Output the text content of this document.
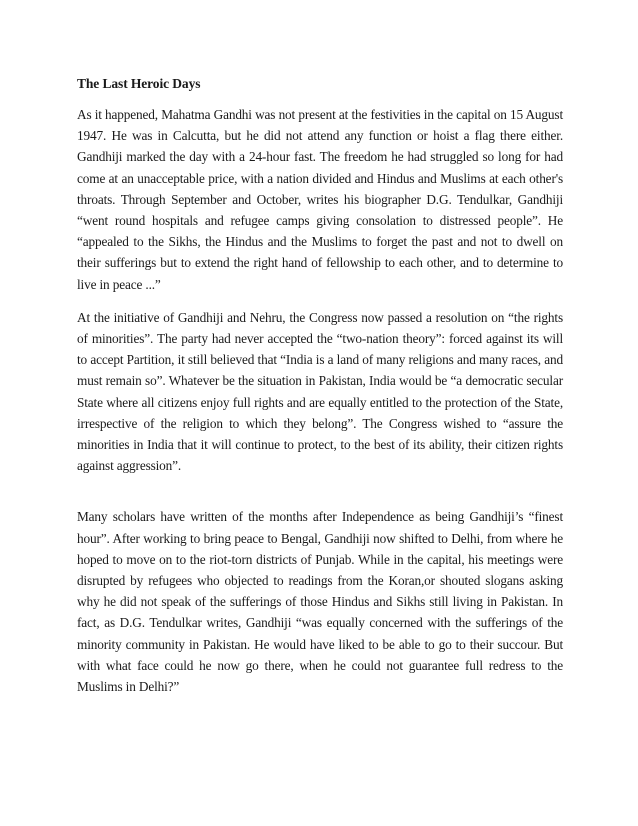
The Last Heroic Days

As it happened, Mahatma Gandhi was not present at the festivities in the capital on 15 August 1947. He was in Calcutta, but he did not attend any function or hoist a flag there either. Gandhiji marked the day with a 24-hour fast. The freedom he had struggled so long for had come at an unacceptable price, with a nation divided and Hindus and Muslims at each other's throats. Through September and October, writes his biographer D.G. Tendulkar, Gandhiji “went round hospitals and refugee camps giving consolation to distressed people”. He “appealed to the Sikhs, the Hindus and the Muslims to forget the past and not to dwell on their sufferings but to extend the right hand of fellowship to each other, and to determine to live in peace ...”

At the initiative of Gandhiji and Nehru, the Congress now passed a resolution on “the rights of minorities”. The party had never accepted the “two-nation theory”: forced against its will to accept Partition, it still believed that “India is a land of many religions and many races, and must remain so”. Whatever be the situation in Pakistan, India would be “a democratic secular State where all citizens enjoy full rights and are equally entitled to the protection of the State, irrespective of the religion to which they belong”. The Congress wished to “assure the minorities in India that it will continue to protect, to the best of its ability, their citizen rights against aggression”.

Many scholars have written of the months after Independence as being Gandhiji’s “finest hour”. After working to bring peace to Bengal, Gandhiji now shifted to Delhi, from where he hoped to move on to the riot-torn districts of Punjab. While in the capital, his meetings were disrupted by refugees who objected to readings from the Koran,or shouted slogans asking why he did not speak of the sufferings of those Hindus and Sikhs still living in Pakistan. In fact, as D.G. Tendulkar writes, Gandhiji “was equally concerned with the sufferings of the minority community in Pakistan. He would have liked to be able to go to their succour. But with what face could he now go there, when he could not guarantee full redress to the Muslims in Delhi?”
